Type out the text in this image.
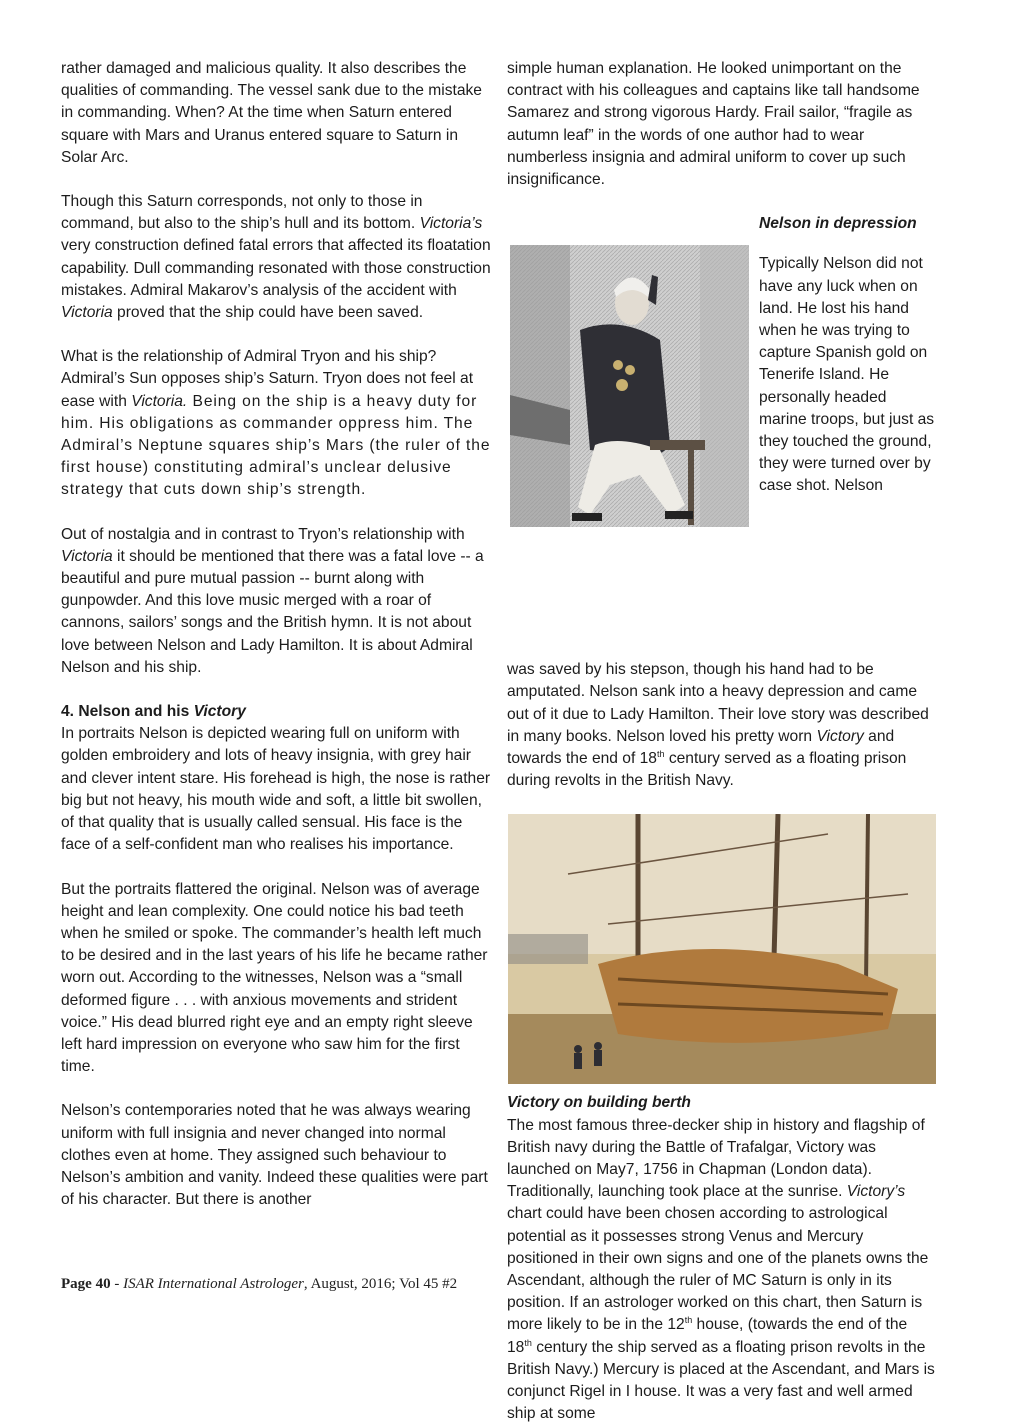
rather damaged and malicious quality. It also describes the qualities of commanding. The vessel sank due to the mistake in commanding. When? At the time when Saturn entered square with Mars and Uranus entered square to Saturn in Solar Arc.

Though this Saturn corresponds, not only to those in command, but also to the ship’s hull and its bottom. Victoria’s very construction defined fatal errors that affected its floatation capability. Dull commanding resonated with those construction mistakes. Admiral Makarov’s analysis of the accident with Victoria proved that the ship could have been saved.

What is the relationship of Admiral Tryon and his ship? Admiral’s Sun opposes ship’s Saturn. Tryon does not feel at ease with Victoria. Being on the ship is a heavy duty for him. His obligations as commander oppress him. The Admiral’s Neptune squares ship’s Mars (the ruler of the first house) constituting admiral’s unclear delusive strategy that cuts down ship’s strength.

Out of nostalgia and in contrast to Tryon’s relationship with Victoria it should be mentioned that there was a fatal love -- a beautiful and pure mutual passion -- burnt along with gunpowder. And this love music merged with a roar of cannons, sailors’ songs and the British hymn. It is not about love between Nelson and Lady Hamilton. It is about Admiral Nelson and his ship.

4. Nelson and his Victory

In portraits Nelson is depicted wearing full on uniform with golden embroidery and lots of heavy insignia, with grey hair and clever intent stare. His forehead is high, the nose is rather big but not heavy, his mouth wide and soft, a little bit swollen, of that quality that is usually called sensual. His face is the face of a self-confident man who realises his importance.

But the portraits flattered the original. Nelson was of average height and lean complexity. One could notice his bad teeth when he smiled or spoke. The commander’s health left much to be desired and in the last years of his life he became rather worn out. According to the witnesses, Nelson was a “small deformed figure . . . with anxious movements and strident voice.” His dead blurred right eye and an empty right sleeve left hard impression on everyone who saw him for the first time.

Nelson’s contemporaries noted that he was always wearing uniform with full insignia and never changed into normal clothes even at home. They assigned such behaviour to Nelson’s ambition and vanity. Indeed these qualities were part of his character. But there is another

simple human explanation. He looked unimportant on the contract with his colleagues and captains like tall handsome Samarez and strong vigorous Hardy. Frail sailor, “fragile as autumn leaf” in the words of one author had to wear numberless insignia and admiral uniform to cover up such insignificance.

Nelson in depression
Typically Nelson did not have any luck when on land. He lost his hand when he was trying to capture Spanish gold on Tenerife Island. He personally headed marine troops, but just as they touched the ground, they were turned over by case shot. Nelson

was saved by his stepson, though his hand had to be amputated. Nelson sank into a heavy depression and came out of it due to Lady Hamilton. Their love story was described in many books. Nelson loved his pretty worn Victory and towards the end of 18th century served as a floating prison during revolts in the British Navy.

Victory on building berth

The most famous three-decker ship in history and flagship of British navy during the Battle of Trafalgar, Victory was launched on May7, 1756 in Chapman (London data). Traditionally, launching took place at the sunrise. Victory’s chart could have been chosen according to astrological potential as it possesses strong Venus and Mercury positioned in their own signs and one of the planets owns the Ascendant, although the ruler of MC Saturn is only in its position. If an astrologer worked on this chart, then Saturn is more likely to be in the 12th house, (towards the end of the 18th century the ship served as a floating prison revolts in the British Navy.) Mercury is placed at the Ascendant, and Mars is conjunct Rigel in I house. It was a very fast and well armed ship at some

Page 40 - ISAR International Astrologer, August, 2016; Vol 45 #2
